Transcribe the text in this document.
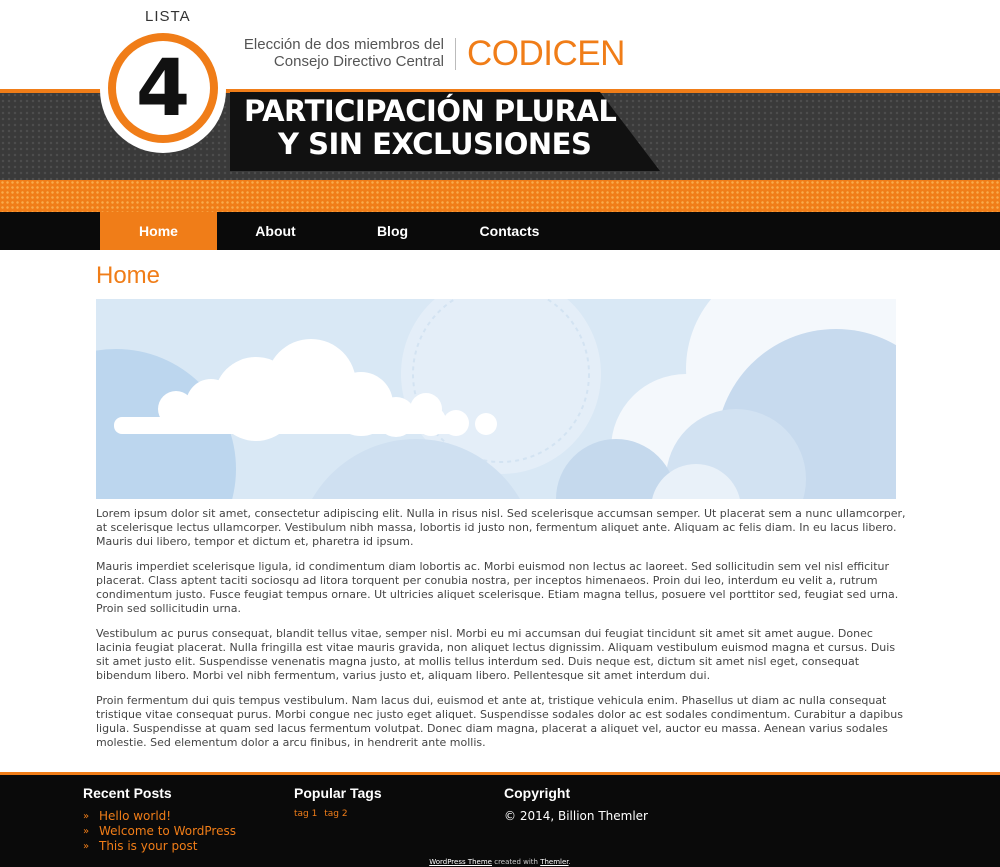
LISTA
4	Elección de dos miembros del
Consejo Directivo Central CODICEN
PARTICIPACIÓN PLURAL
Y SIN EXCLUSIONES
Home	About	Blog	Contacts
Home

Lorem ipsum dolor sit amet, consectetur adipiscing elit. Nulla in risus nisl. Sed scelerisque accumsan semper. Ut placerat sem a nunc ullamcorper, at scelerisque lectus ullamcorper. Vestibulum nibh massa, lobortis id justo non, fermentum aliquet ante. Aliquam ac felis diam. In eu lacus libero. Mauris dui libero, tempor et dictum et, pharetra id ipsum.

Mauris imperdiet scelerisque ligula, id condimentum diam lobortis ac. Morbi euismod non lectus ac laoreet. Sed sollicitudin sem vel nisl efficitur placerat. Class aptent taciti sociosqu ad litora torquent per conubia nostra, per inceptos himenaeos. Proin dui leo, interdum eu velit a, rutrum condimentum justo. Fusce feugiat tempus ornare. Ut ultricies aliquet scelerisque. Etiam magna tellus, posuere vel porttitor sed, feugiat sed urna. Proin sed sollicitudin urna.

Vestibulum ac purus consequat, blandit tellus vitae, semper nisl. Morbi eu mi accumsan dui feugiat tincidunt sit amet sit amet augue. Donec lacinia feugiat placerat. Nulla fringilla est vitae mauris gravida, non aliquet lectus dignissim. Aliquam vestibulum euismod magna et cursus. Duis sit amet justo elit. Suspendisse venenatis magna justo, at mollis tellus interdum sed. Duis neque est, dictum sit amet nisl eget, consequat bibendum libero. Morbi vel nibh fermentum, varius justo et, aliquam libero. Pellentesque sit amet interdum dui.

Proin fermentum dui quis tempus vestibulum. Nam lacus dui, euismod et ante at, tristique vehicula enim. Phasellus ut diam ac nulla consequat tristique vitae consequat purus. Morbi congue nec justo eget aliquet. Suspendisse sodales dolor ac est sodales condimentum. Curabitur a dapibus ligula. Suspendisse at quam sed lacus fermentum volutpat. Donec diam magna, placerat a aliquet vel, auctor eu massa. Aenean varius sodales molestie. Sed elementum dolor a arcu finibus, in hendrerit ante mollis.

Recent Posts
» Hello world!
» Welcome to WordPress
» This is your post
Popular Tags
tag 1 tag 2
Copyright
© 2014, Billion Themler
WordPress Theme created with Themler.
